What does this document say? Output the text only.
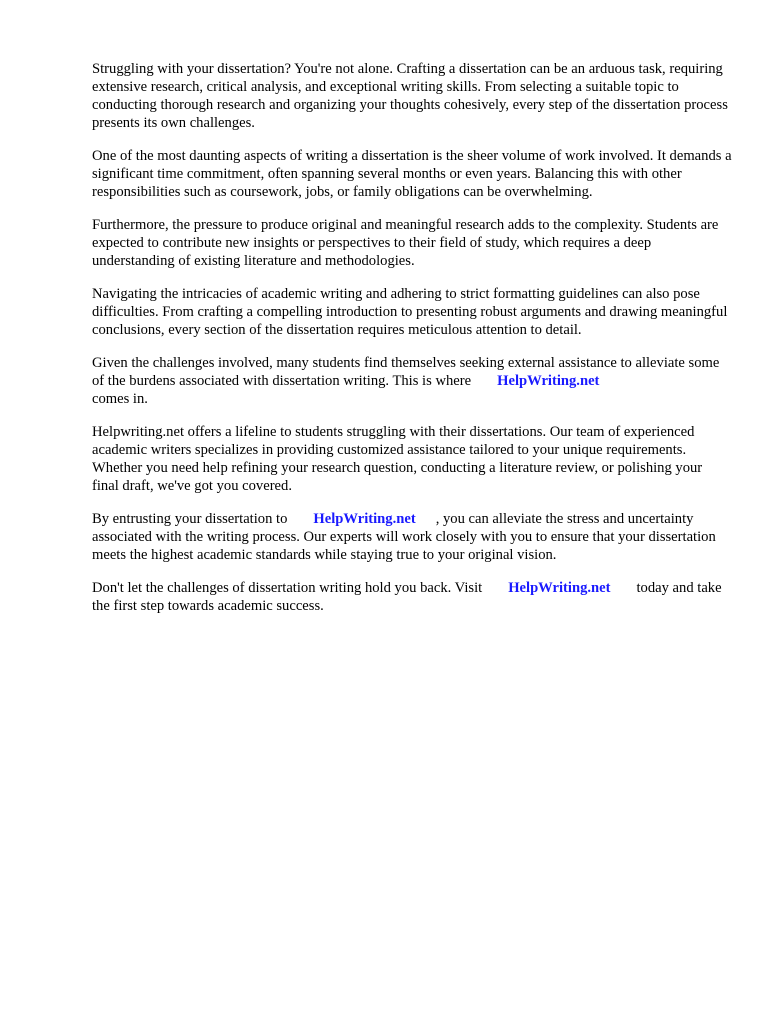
Struggling with your dissertation? You're not alone. Crafting a dissertation can be an arduous task, requiring extensive research, critical analysis, and exceptional writing skills. From selecting a suitable topic to conducting thorough research and organizing your thoughts cohesively, every step of the dissertation process presents its own challenges.

One of the most daunting aspects of writing a dissertation is the sheer volume of work involved. It demands a significant time commitment, often spanning several months or even years. Balancing this with other responsibilities such as coursework, jobs, or family obligations can be overwhelming.

Furthermore, the pressure to produce original and meaningful research adds to the complexity. Students are expected to contribute new insights or perspectives to their field of study, which requires a deep understanding of existing literature and methodologies.

Navigating the intricacies of academic writing and adhering to strict formatting guidelines can also pose difficulties. From crafting a compelling introduction to presenting robust arguments and drawing meaningful conclusions, every section of the dissertation requires meticulous attention to detail.

Given the challenges involved, many students find themselves seeking external assistance to alleviate some of the burdens associated with dissertation writing. This is where HelpWriting.net
comes in.

Helpwriting.net offers a lifeline to students struggling with their dissertations. Our team of experienced academic writers specializes in providing customized assistance tailored to your unique requirements. Whether you need help refining your research question, conducting a literature review, or polishing your final draft, we've got you covered.

By entrusting your dissertation to HelpWriting.net , you can alleviate the stress and uncertainty associated with the writing process. Our experts will work closely with you to ensure that your dissertation meets the highest academic standards while staying true to your original vision.

Don't let the challenges of dissertation writing hold you back. Visit HelpWriting.net today and take the first step towards academic success.
